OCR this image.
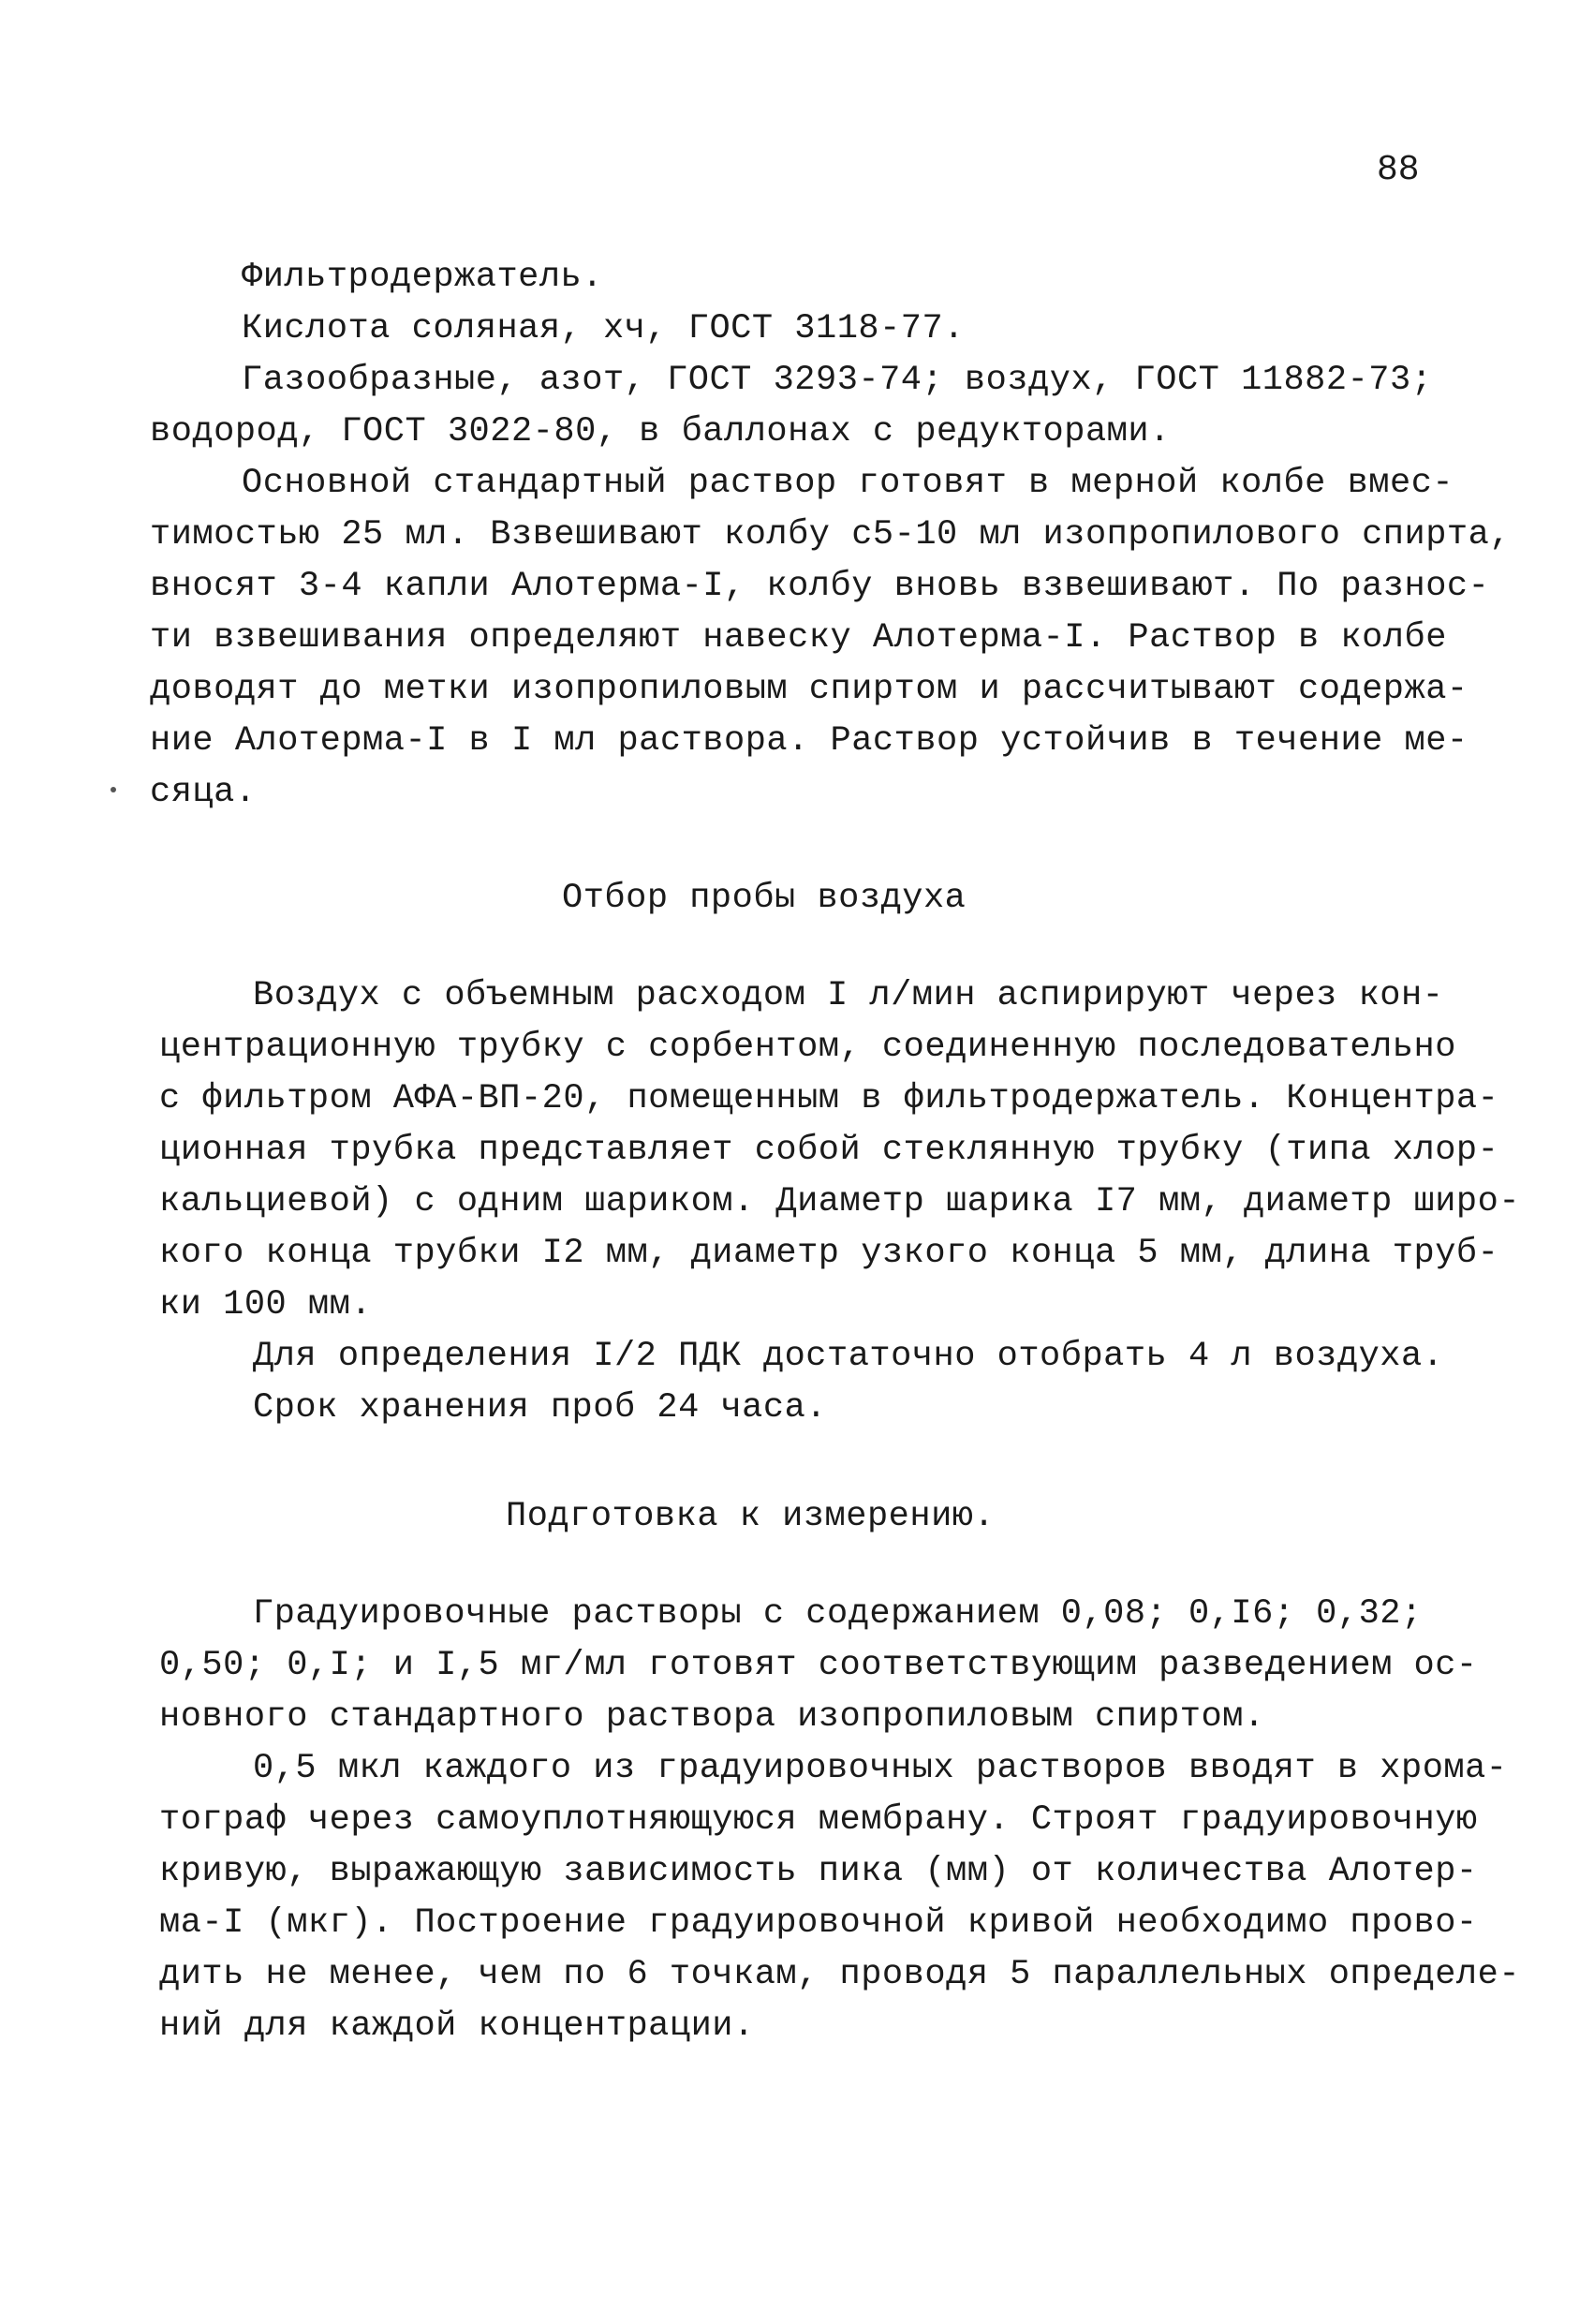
88
Фильтродержатель.
Кислота соляная, хч, ГОСТ 3118-77.
Газообразные, азот, ГОСТ 3293-74; воздух, ГОСТ 11882-73;
водород, ГОСТ 3022-80, в баллонах с редукторами.
Основной стандартный раствор готовят в мерной колбе вмес-
тимостью 25 мл. Взвешивают колбу с5-10 мл изопропилового спирта,
вносят 3-4 капли Алотерма-I, колбу вновь взвешивают. По разнос-
ти взвешивания определяют навеску Алотерма-I. Раствор в колбе
доводят до метки изопропиловым спиртом и рассчитывают содержа-
ние Алотерма-I в I мл раствора. Раствор устойчив в течение ме-
сяца.
Отбор пробы воздуха
Воздух с объемным расходом I л/мин аспирируют через кон-
центрационную трубку с сорбентом, соединенную последовательно
с фильтром АФА-ВП-20, помещенным в фильтродержатель. Концентра-
ционная трубка представляет собой стеклянную трубку (типа хлор-
кальциевой) с одним шариком. Диаметр шарика I7 мм, диаметр широ-
кого конца трубки I2 мм, диаметр узкого конца 5 мм, длина труб-
ки 100 мм.
Для определения I/2 ПДК достаточно отобрать 4 л воздуха.
Срок хранения проб 24 часа.
Подготовка к измерению.
Градуировочные растворы с содержанием 0,08; 0,I6; 0,32;
0,50; 0,I; и I,5 мг/мл готовят соответствующим разведением ос-
новного стандартного раствора изопропиловым спиртом.
0,5 мкл каждого из градуировочных растворов вводят в хрома-
тограф через самоуплотняющуюся мембрану. Строят градуировочную
кривую, выражающую зависимость пика (мм) от количества Алотер-
ма-I (мкг). Построение градуировочной кривой необходимо прово-
дить не менее, чем по 6 точкам, проводя 5 параллельных определе-
ний для каждой концентрации.
